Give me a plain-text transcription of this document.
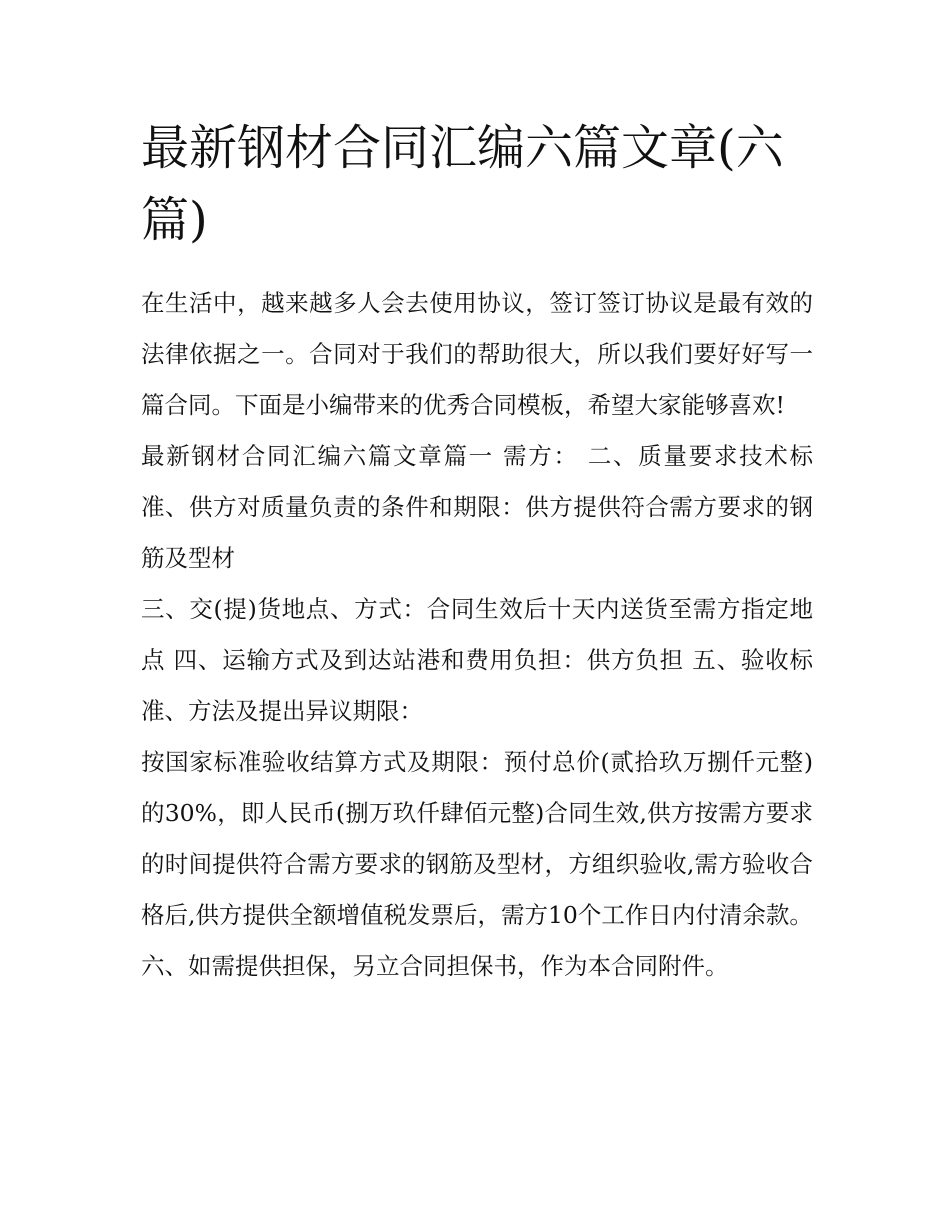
最新钢材合同汇编六篇文章(六篇)

在生活中，越来越多人会去使用协议，签订签订协议是最有效的法律依据之一。合同对于我们的帮助很大，所以我们要好好写一篇合同。下面是小编带来的优秀合同模板，希望大家能够喜欢!

最新钢材合同汇编六篇文章篇一 需方： 二、质量要求技术标准、供方对质量负责的条件和期限：供方提供符合需方要求的钢筋及型材

三、交(提)货地点、方式：合同生效后十天内送货至需方指定地点 四、运输方式及到达站港和费用负担：供方负担 五、验收标准、方法及提出异议期限：

按国家标准验收结算方式及期限：预付总价(贰拾玖万捌仟元整)的30%，即人民币(捌万玖仟肆佰元整)合同生效,供方按需方要求的时间提供符合需方要求的钢筋及型材，方组织验收,需方验收合格后,供方提供全额增值税发票后，需方10个工作日内付清余款。

六、如需提供担保，另立合同担保书，作为本合同附件。
